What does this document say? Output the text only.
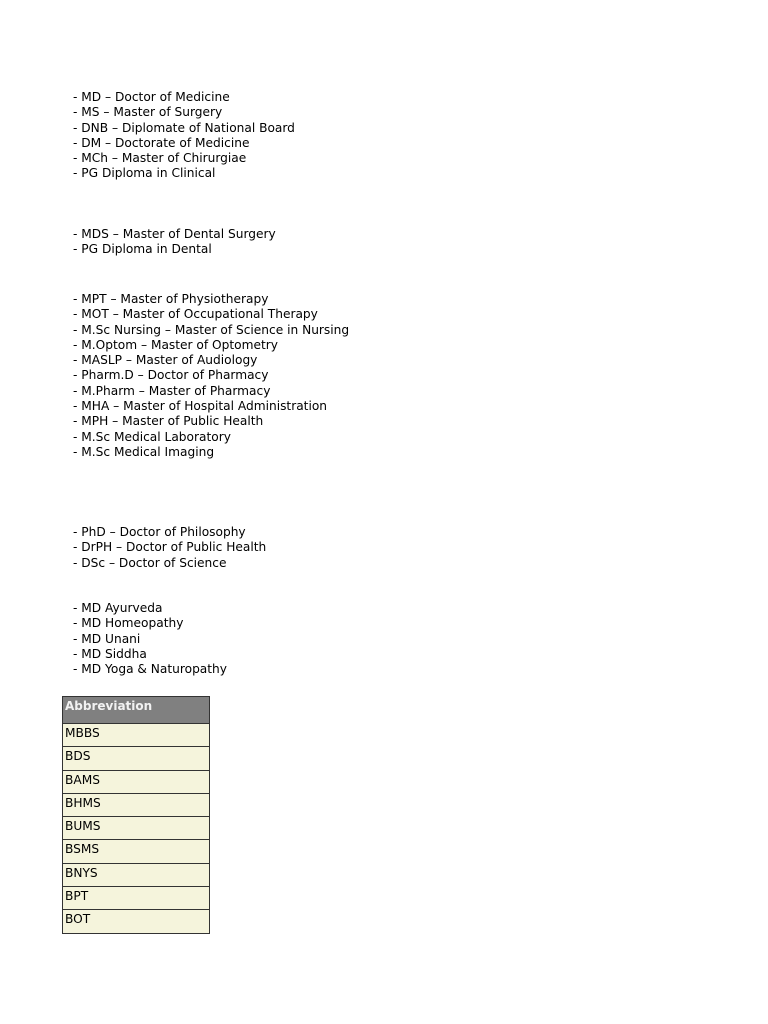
- MD – Doctor of Medicine
- MS – Master of Surgery
- DNB – Diplomate of National Board
- DM – Doctorate of Medicine
- MCh – Master of Chirurgiae
- PG Diploma in Clinical
- MDS – Master of Dental Surgery
- PG Diploma in Dental
- MPT – Master of Physiotherapy
- MOT – Master of Occupational Therapy
- M.Sc Nursing – Master of Science in Nursing
- M.Optom – Master of Optometry
- MASLP – Master of Audiology
- Pharm.D – Doctor of Pharmacy
- M.Pharm – Master of Pharmacy
- MHA – Master of Hospital Administration
- MPH – Master of Public Health
- M.Sc Medical Laboratory
- M.Sc Medical Imaging
- PhD – Doctor of Philosophy
- DrPH – Doctor of Public Health
- DSc – Doctor of Science
- MD Ayurveda
- MD Homeopathy
- MD Unani
- MD Siddha
- MD Yoga & Naturopathy
Abbreviation
MBBS
BDS
BAMS
BHMS
BUMS
BSMS
BNYS
BPT
BOT
